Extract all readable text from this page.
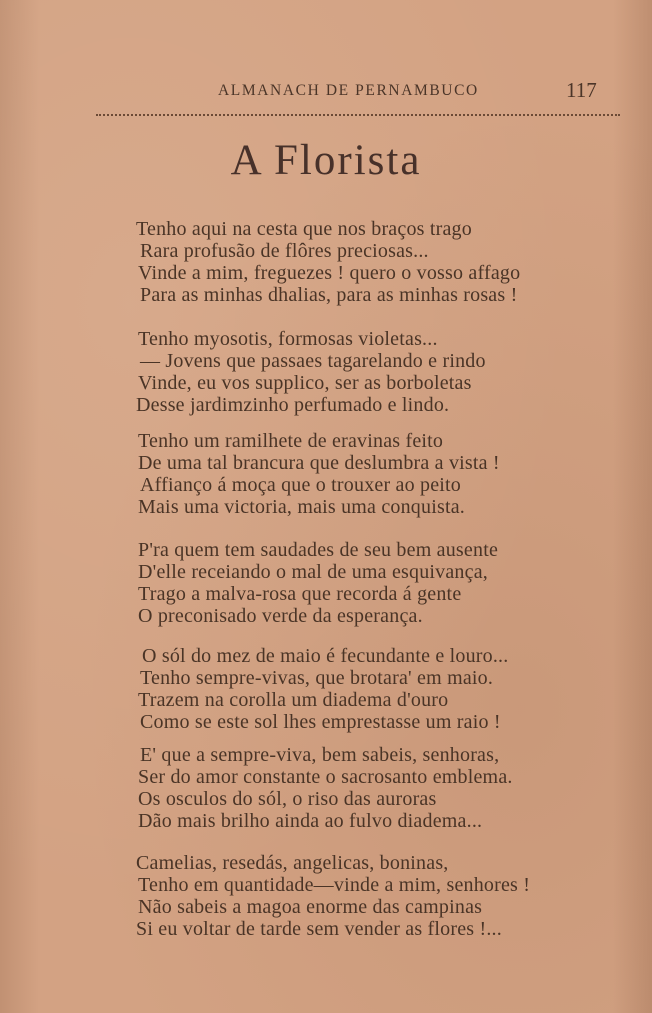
ALMANACH DE PERNAMBUCO	117
A Florista
Tenho aqui na cesta que nos braços trago
Rara profusão de flôres preciosas...
Vinde a mim, freguezes ! quero o vosso affago
Para as minhas dhalias, para as minhas rosas !
Tenho myosotis, formosas violetas...
— Jovens que passaes tagarelando e rindo
Vinde, eu vos supplico, ser as borboletas
Desse jardimzinho perfumado e lindo.
Tenho um ramilhete de eravinas feito
De uma tal brancura que deslumbra a vista !
Affianço á moça que o trouxer ao peito
Mais uma victoria, mais uma conquista.
P'ra quem tem saudades de seu bem ausente
D'elle receiando o mal de uma esquivança,
Trago a malva-rosa que recorda á gente
O preconisado verde da esperança.
O sól do mez de maio é fecundante e louro...
Tenho sempre-vivas, que brotara' em maio.
Trazem na corolla um diadema d'ouro
Como se este sol lhes emprestasse um raio !
E' que a sempre-viva, bem sabeis, senhoras,
Ser do amor constante o sacrosanto emblema.
Os osculos do sól, o riso das auroras
Dão mais brilho ainda ao fulvo diadema...
Camelias, resedás, angelicas, boninas,
Tenho em quantidade—vinde a mim, senhores !
Não sabeis a magoa enorme das campinas
Si eu voltar de tarde sem vender as flores !...
